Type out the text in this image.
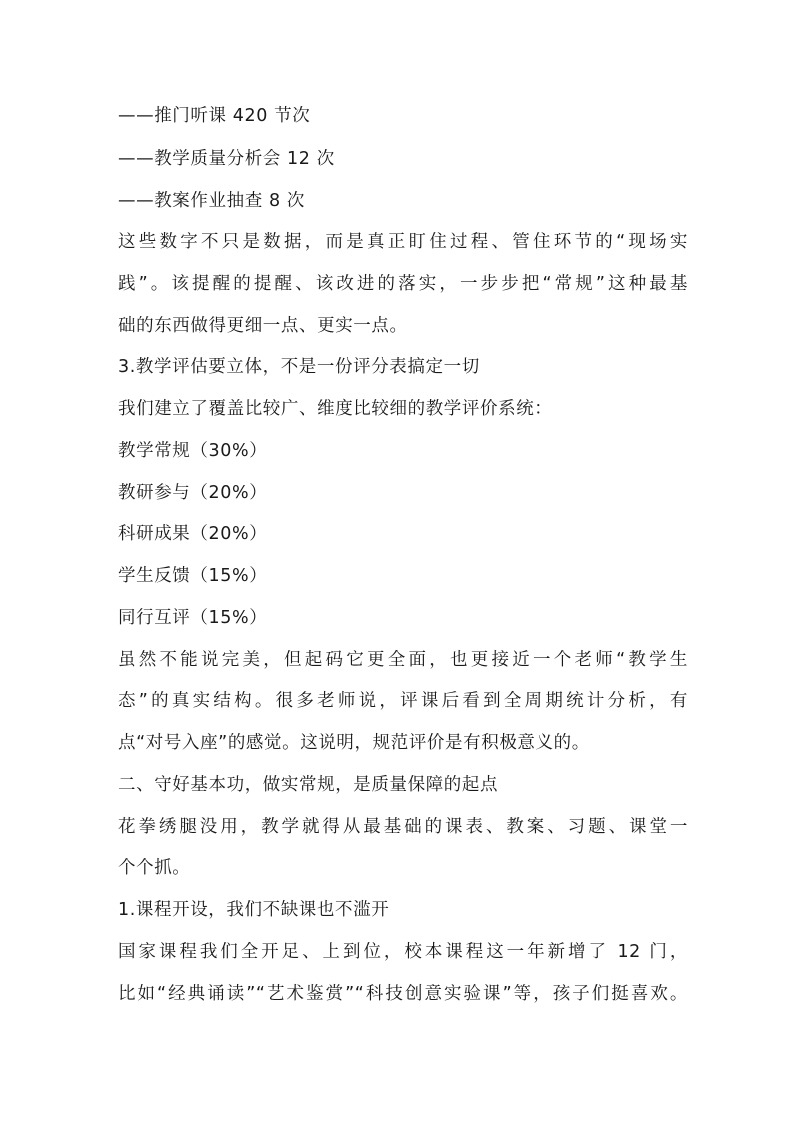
——推门听课 420 节次
——教学质量分析会 12 次
——教案作业抽查 8 次
这些数字不只是数据，而是真正盯住过程、管住环节的“现场实
践”。该提醒的提醒、该改进的落实，一步步把“常规”这种最基
础的东西做得更细一点、更实一点。
3.教学评估要立体，不是一份评分表搞定一切
我们建立了覆盖比较广、维度比较细的教学评价系统：
教学常规（30%）
教研参与（20%）
科研成果（20%）
学生反馈（15%）
同行互评（15%）
虽然不能说完美，但起码它更全面，也更接近一个老师“教学生
态”的真实结构。很多老师说，评课后看到全周期统计分析，有
点“对号入座”的感觉。这说明，规范评价是有积极意义的。
二、守好基本功，做实常规，是质量保障的起点
花拳绣腿没用，教学就得从最基础的课表、教案、习题、课堂一
个个抓。
1.课程开设，我们不缺课也不滥开
国家课程我们全开足、上到位，校本课程这一年新增了 12 门，
比如“经典诵读”“艺术鉴赏”“科技创意实验课”等，孩子们挺喜欢。
